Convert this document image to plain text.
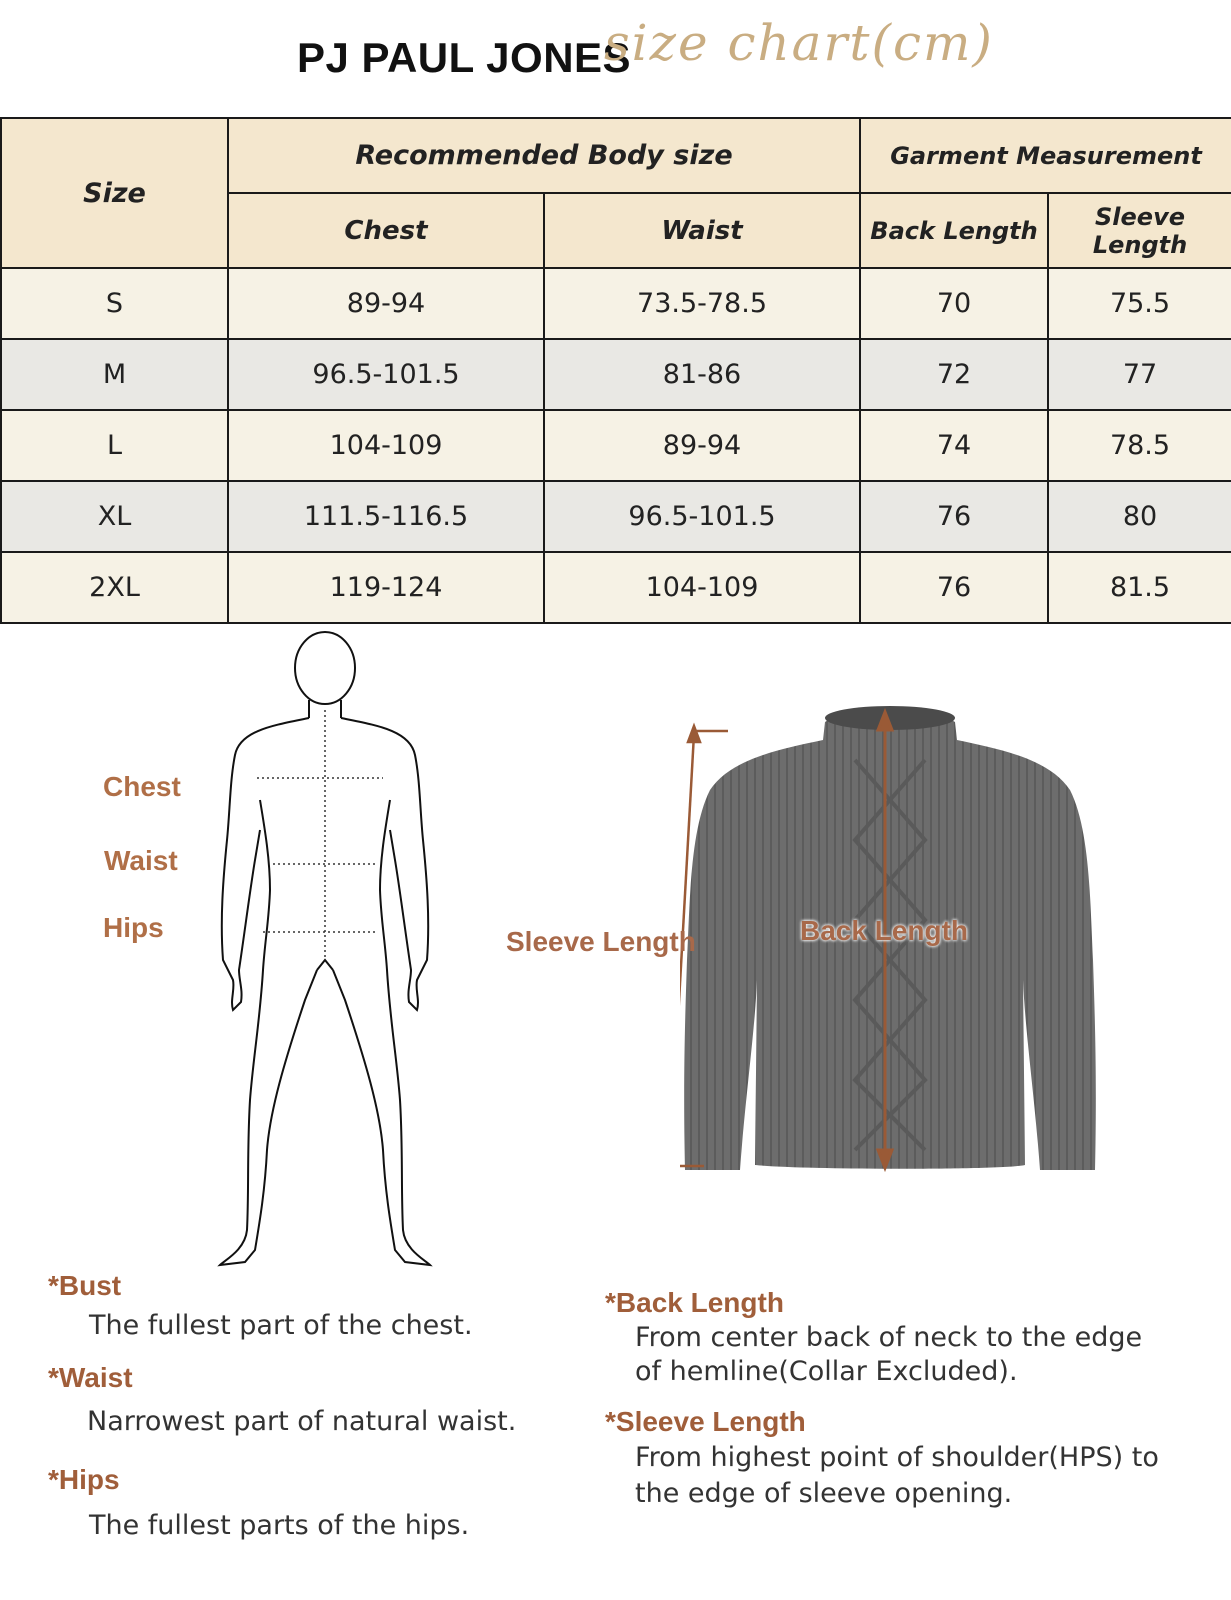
PJ PAUL JONES
size chart(cm)
Size	Recommended Body size		Garment Measurement	
	Chest	Waist	Back Length	Sleeve Length
S	89-94	73.5-78.5	70	75.5
M	96.5-101.5	81-86	72	77
L	104-109	89-94	74	78.5
XL	111.5-116.5	96.5-101.5	76	80
2XL	119-124	104-109	76	81.5
Chest
Waist
Hips	Sleeve Length	Back Length
*Bust
The fullest part of the chest.
*Waist
Narrowest part of natural waist.
*Hips
The fullest parts of the hips.
*Back Length
From center back of neck to the edge
of hemline(Collar Excluded).
*Sleeve Length
From highest point of shoulder(HPS) to
the edge of sleeve opening.
